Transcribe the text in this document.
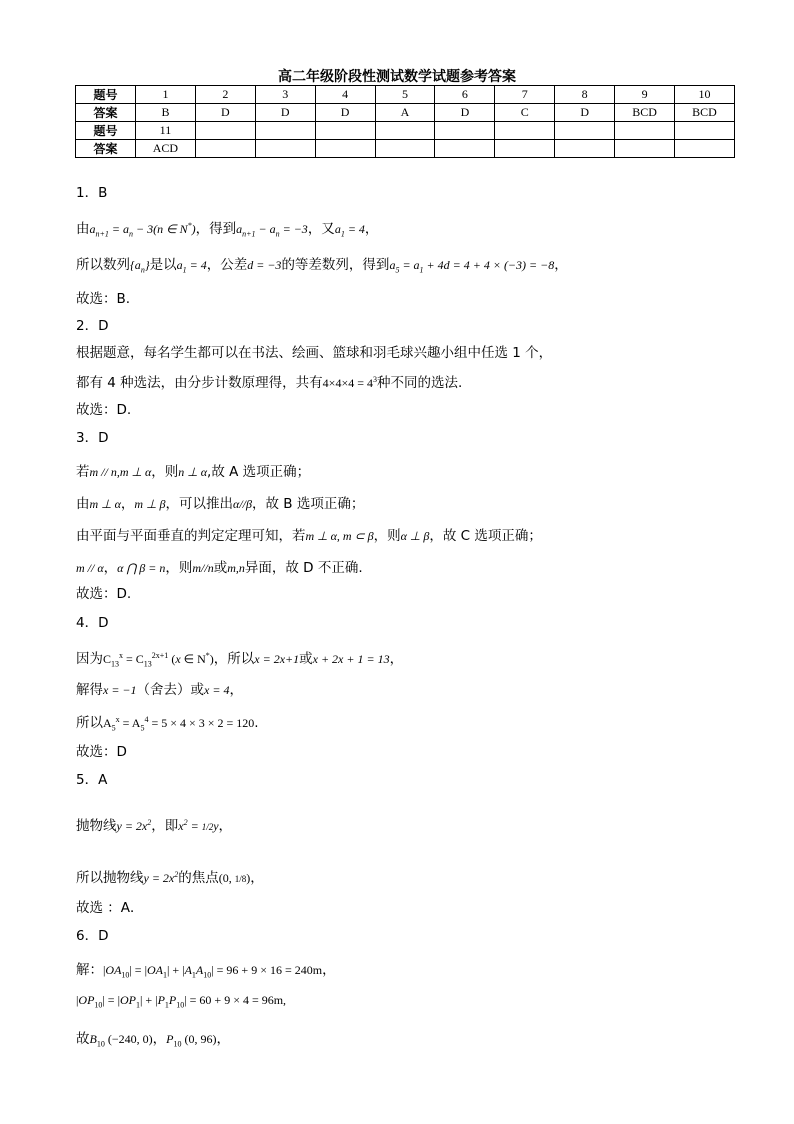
高二年级阶段性测试数学试题参考答案
题号	1	2	3	4	5	6	7	8	9	10
答案	B	D	D	D	A	D	C	D	BCD	BCD
题号	11									
答案	ACD									
1．B
由$a_{n+1} = a_n - 3(n$ ∈ N*)，得到$a_{n+1} - a_n = -3$，又$a_1 = 4$，
所以数列$\{a_n\}$是以$a_1 = 4$，公差d = −3的等差数列，得到$a_5 = a_1 + 4d = 4 + 4 \times (-3) = -8$，
故选：B.
2．D
根据题意，每名学生都可以在书法、绘画、篮球和羽毛球兴趣小组中任选 1 个，
都有 4 种选法，由分步计数原理得，共有$4\times 4\times 4 = 4^3$种不同的选法.
故选：D.
3．D
若m // n,m ⊥ α，则n ⊥ α,故 A 选项正确；
由m ⊥ α，m ⊥ β，可以推出α//β，故 B 选项正确；
由平面与平面垂直的判定定理可知，若m ⊥ α, m ⊂ β，则α ⊥ β，故 C 选项正确；
m // α，α ⋂ β = n，则m//n或m,n异面，故 D 不正确.
故选：D.
4．D
因为$C_{13}^x = C_{13}^{2x+1}$ (x ∈ N*)，所以x = 2x+1或x + 2x + 1 = 13，
解得x = −1（舍去）或x = 4，
所以$A_5^x = A_5^4 = 5 \times 4 \times 3 \times 2 = 120$.
故选：D
5．A
抛物线$y = 2x^2$，即$x^2 = 1/2y$，
所以抛物线$y = 2x^2$的焦点(0, 1/8)，
故选 ：A．
6．D
解：$|OA_{10}| = |OA_1| + |A_1A_{10}| = 96 + 9 \times 16 = 240m$，
$|OP_{10}| = |OP_1| + |P_1P_{10}| = 60 + 9 \times 4 = 96m$,
故$B_{10}$ (−240, 0)，$P_{10}$ (0, 96)，
